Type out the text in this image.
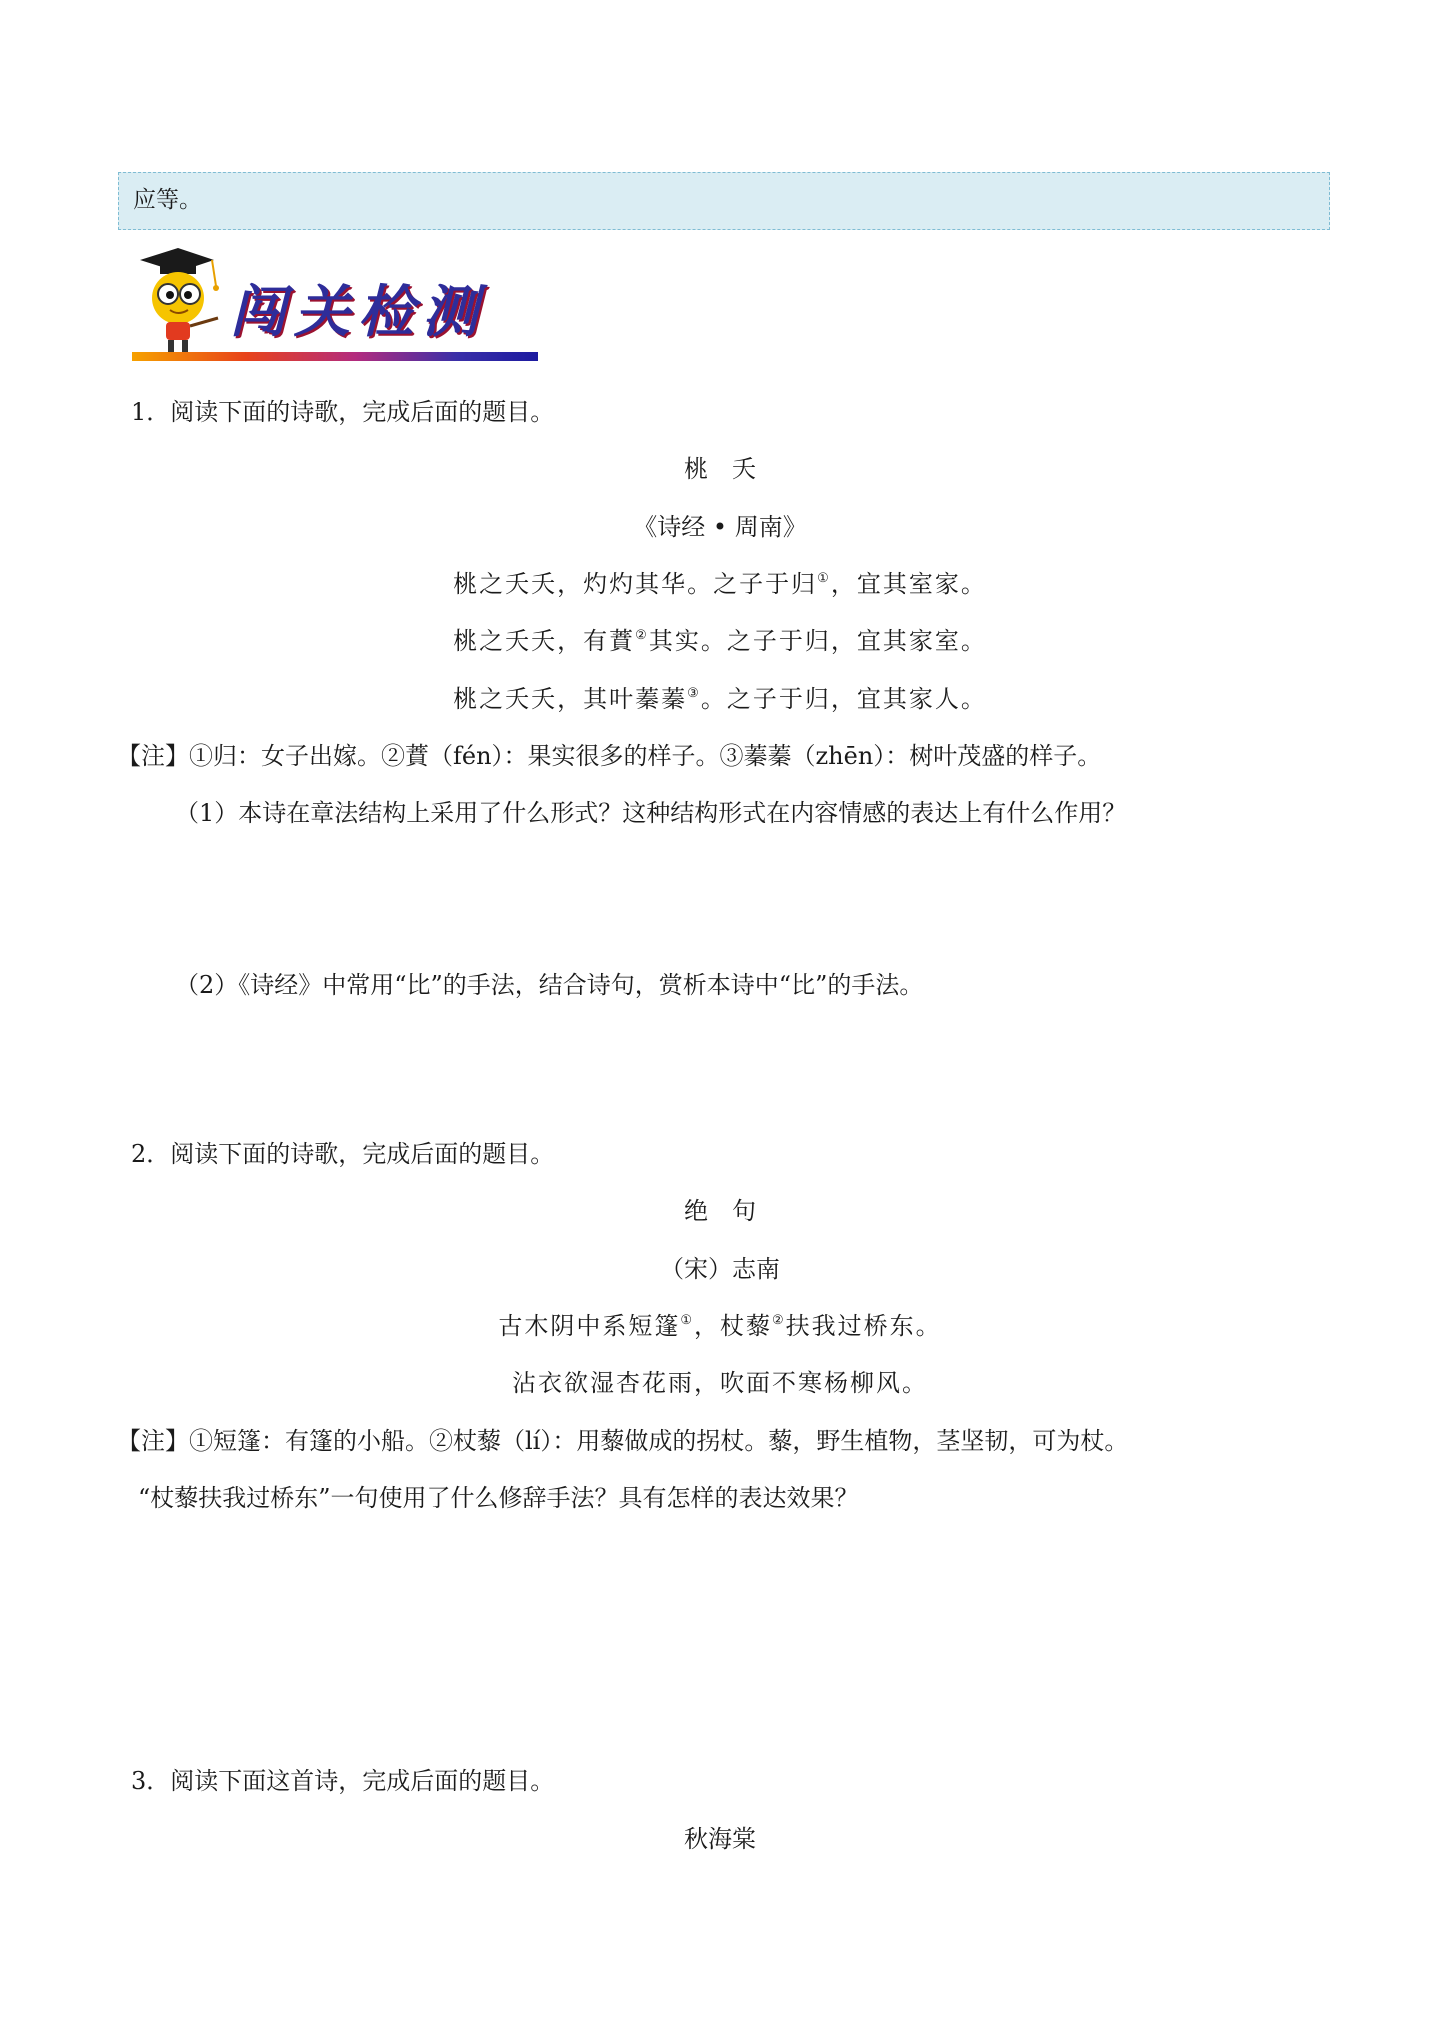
应等。
闯关检测
1．阅读下面的诗歌，完成后面的题目。
桃　夭
《诗经 • 周南》
桃之夭夭，灼灼其华。之子于归①，宜其室家。
桃之夭夭，有蕡②其实。之子于归，宜其家室。
桃之夭夭，其叶蓁蓁③。之子于归，宜其家人。
【注】①归：女子出嫁。②蕡（fén）：果实很多的样子。③蓁蓁（zhēn）：树叶茂盛的样子。
（1）本诗在章法结构上采用了什么形式？这种结构形式在内容情感的表达上有什么作用？
（2）《诗经》中常用“比”的手法，结合诗句，赏析本诗中“比”的手法。
2．阅读下面的诗歌，完成后面的题目。
绝　句
（宋）志南
古木阴中系短篷①，杖藜②扶我过桥东。
沾衣欲湿杏花雨，吹面不寒杨柳风。
【注】①短篷：有篷的小船。②杖藜（lí）：用藜做成的拐杖。藜，野生植物，茎坚韧，可为杖。
“杖藜扶我过桥东”一句使用了什么修辞手法？具有怎样的表达效果？
3．阅读下面这首诗，完成后面的题目。
秋海棠
